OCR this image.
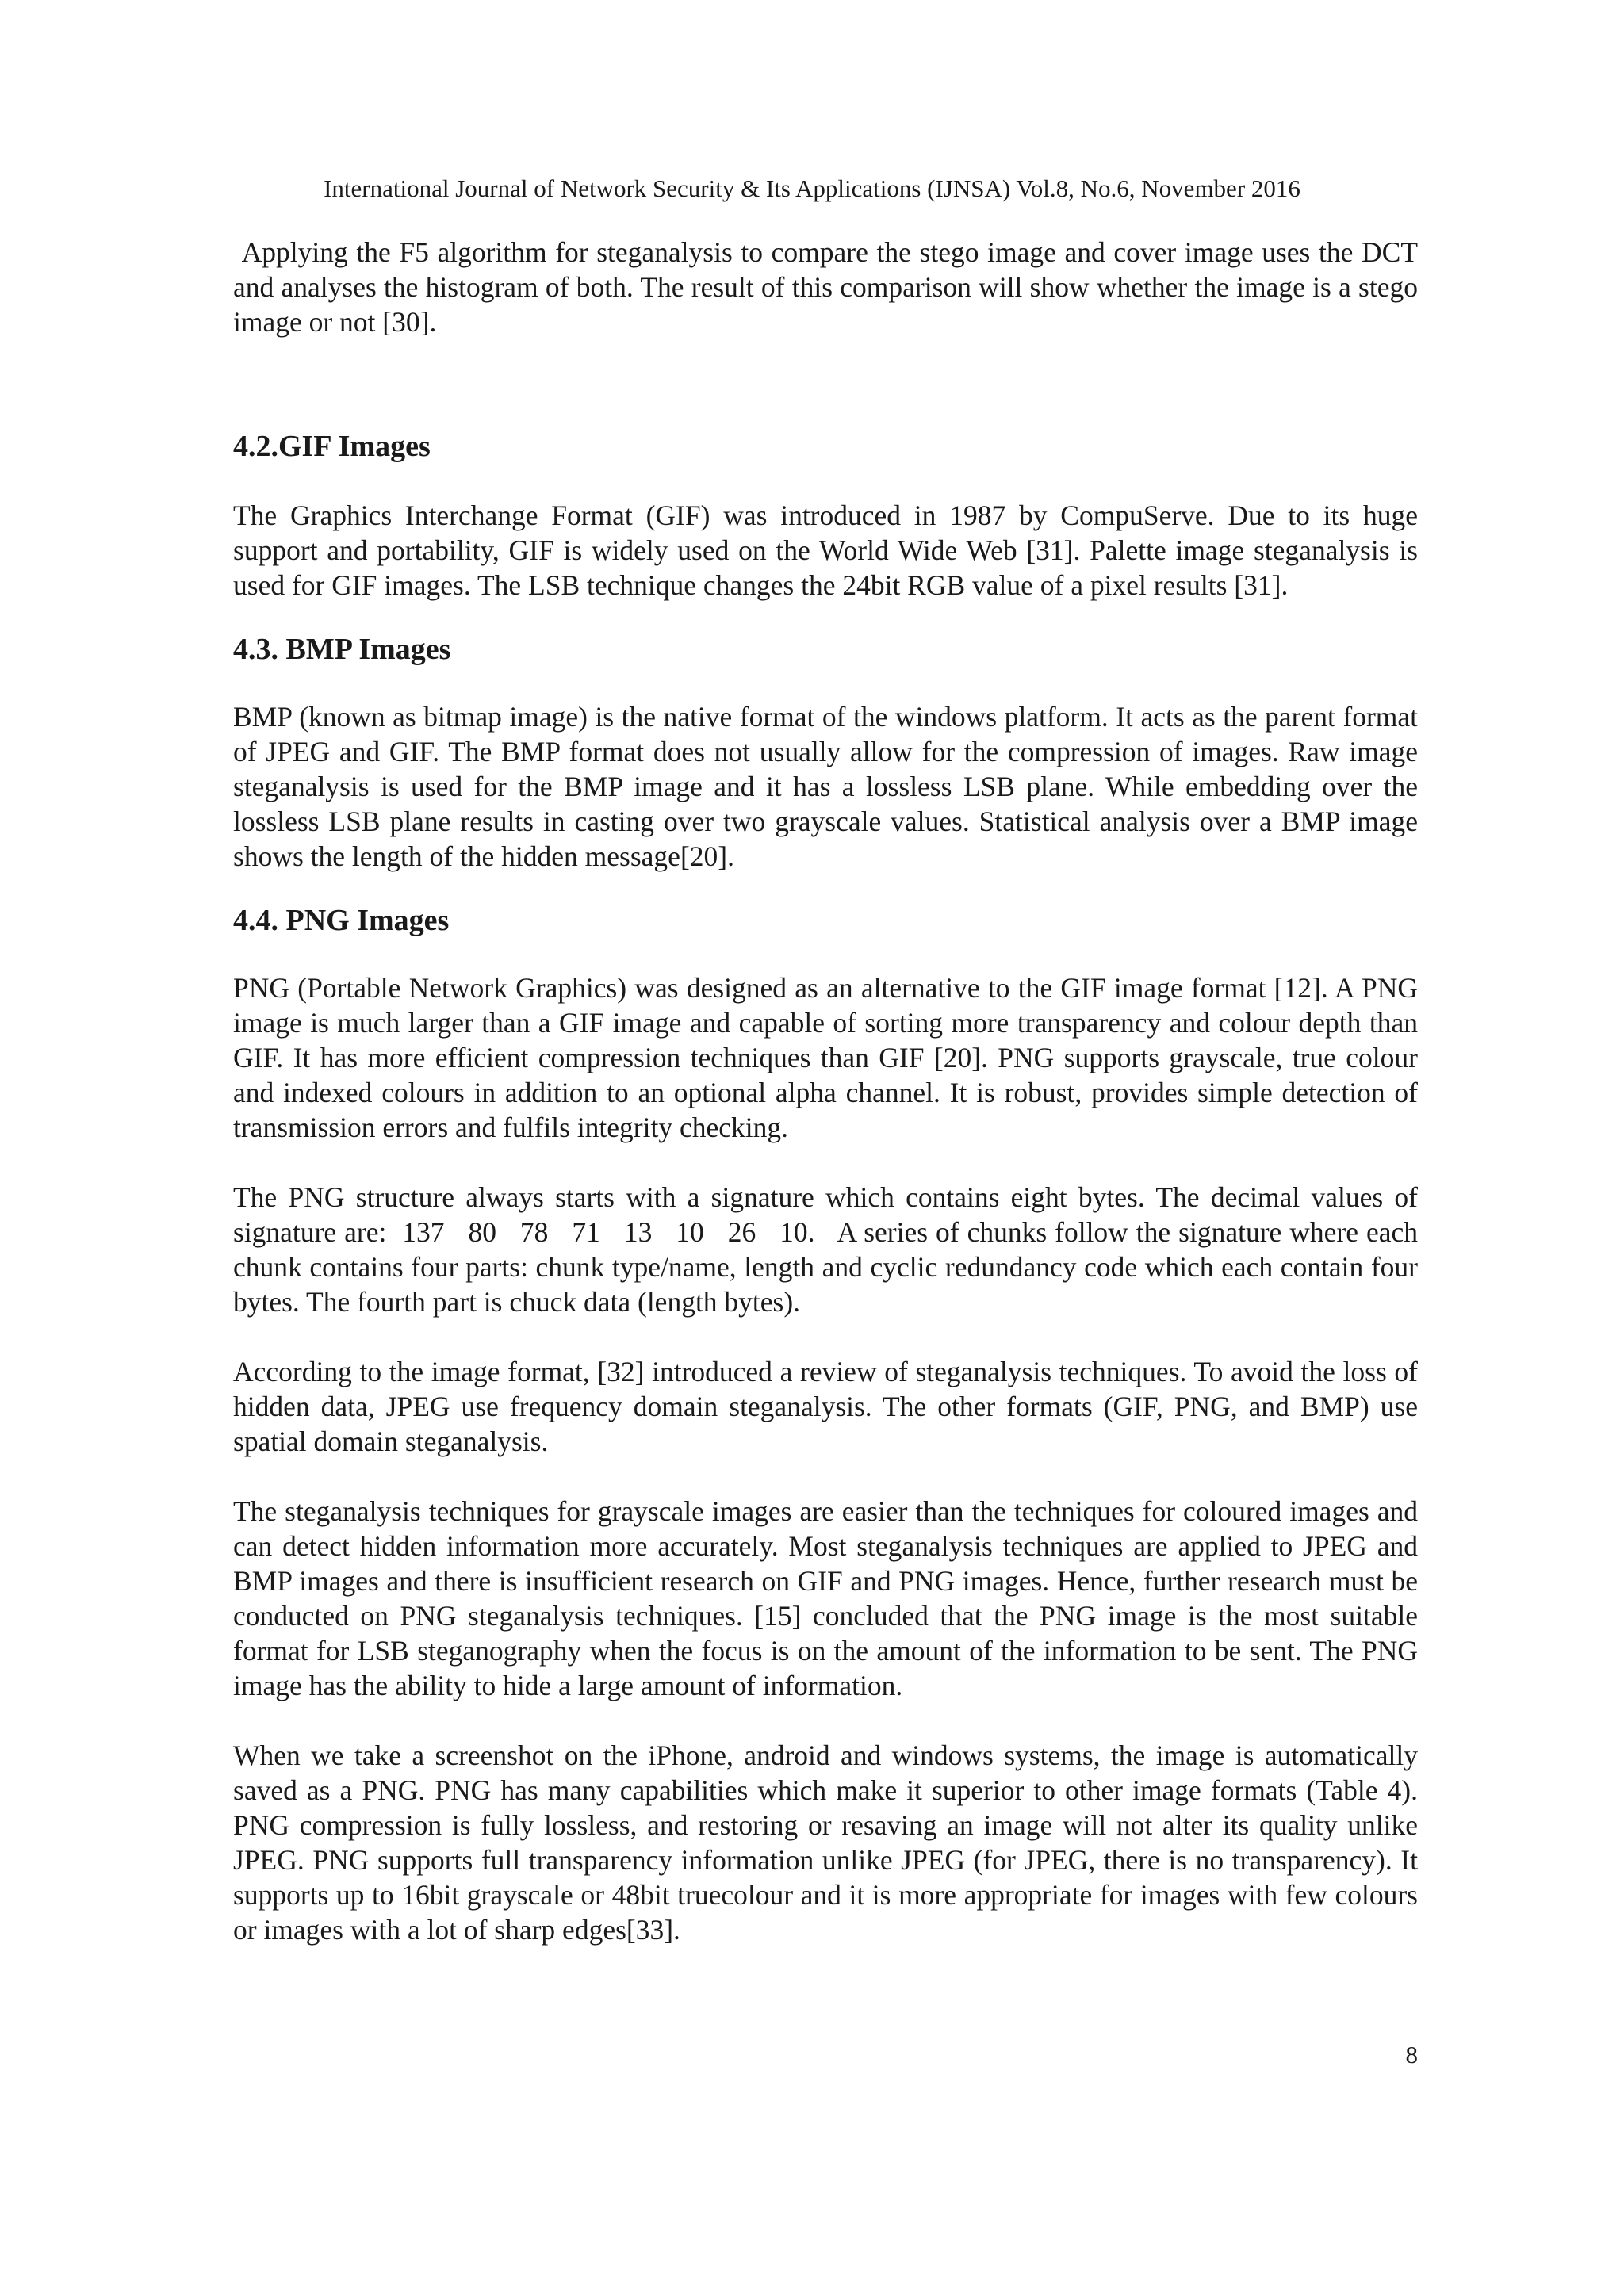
International Journal of Network Security & Its Applications (IJNSA) Vol.8, No.6, November 2016

Applying the F5 algorithm for steganalysis to compare the stego image and cover image uses the DCT and analyses the histogram of both. The result of this comparison will show whether the image is a stego image or not [30].

4.2.GIF Images

The Graphics Interchange Format (GIF) was introduced in 1987 by CompuServe. Due to its huge support and portability, GIF is widely used on the World Wide Web [31]. Palette image steganalysis is used for GIF images. The LSB technique changes the 24bit RGB value of a pixel results [31].

4.3. BMP Images

BMP (known as bitmap image) is the native format of the windows platform. It acts as the parent format of JPEG and GIF. The BMP format does not usually allow for the compression of images. Raw image steganalysis is used for the BMP image and it has a lossless LSB plane. While embedding over the lossless LSB plane results in casting over two grayscale values. Statistical analysis over a BMP image shows the length of the hidden message[20].

4.4. PNG Images

PNG (Portable Network Graphics) was designed as an alternative to the GIF image format [12]. A PNG image is much larger than a GIF image and capable of sorting more transparency and colour depth than GIF. It has more efficient compression techniques than GIF [20]. PNG supports grayscale, true colour and indexed colours in addition to an optional alpha channel. It is robust, provides simple detection of transmission errors and fulfils integrity checking.

The PNG structure always starts with a signature which contains eight bytes. The decimal values of signature are:  137   80   78   71   13   10   26   10.   A series of chunks follow the signature where each chunk contains four parts: chunk type/name, length and cyclic redundancy code which each contain four bytes. The fourth part is chuck data (length bytes).

According to the image format, [32] introduced a review of steganalysis techniques. To avoid the loss of hidden data, JPEG use frequency domain steganalysis. The other formats (GIF, PNG, and BMP) use spatial domain steganalysis.

The steganalysis techniques for grayscale images are easier than the techniques for coloured images and can detect hidden information more accurately. Most steganalysis techniques are applied to JPEG and BMP images and there is insufficient research on GIF and PNG images. Hence, further research must be conducted on PNG steganalysis techniques. [15] concluded that the PNG image is the most suitable format for LSB steganography when the focus is on the amount of the information to be sent. The PNG image has the ability to hide a large amount of information.

When we take a screenshot on the iPhone, android and windows systems, the image is automatically saved as a PNG. PNG has many capabilities which make it superior to other image formats (Table 4). PNG compression is fully lossless, and restoring or resaving an image will not alter its quality unlike JPEG. PNG supports full transparency information unlike JPEG (for JPEG, there is no transparency). It supports up to 16bit grayscale or 48bit truecolour and it is more appropriate for images with few colours or images with a lot of sharp edges[33].

8
